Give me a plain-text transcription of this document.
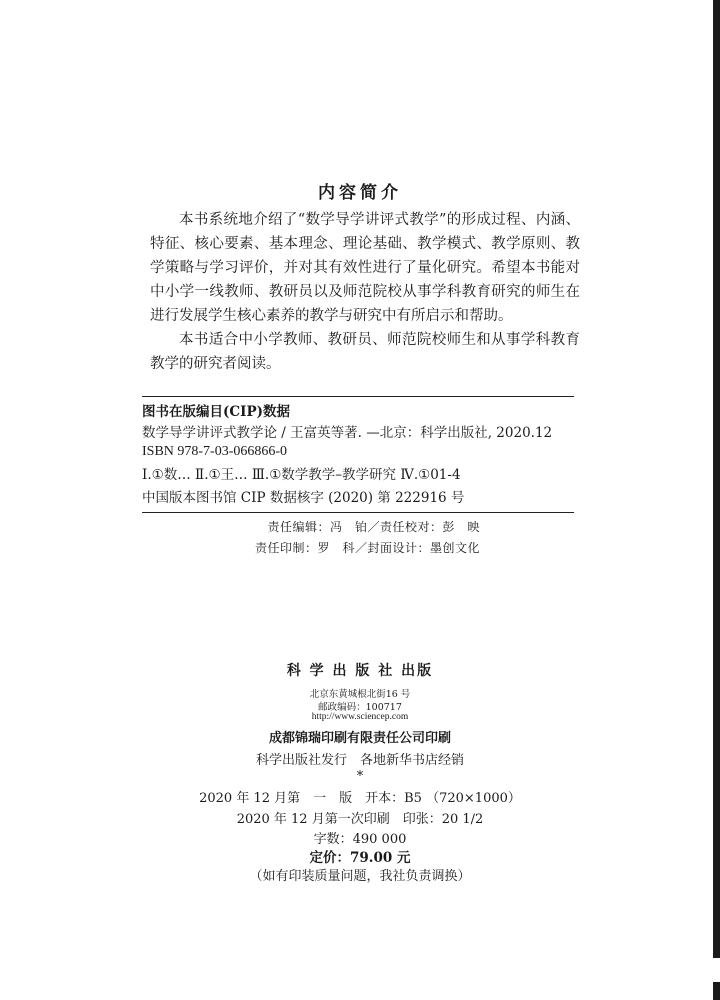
内容简介
本书系统地介绍了“数学导学讲评式教学”的形成过程、内涵、特征、核心要素、基本理念、理论基础、教学模式、教学原则、教学策略与学习评价，并对其有效性进行了量化研究。希望本书能对中小学一线教师、教研员以及师范院校从事学科教育研究的师生在进行发展学生核心素养的教学与研究中有所启示和帮助。
本书适合中小学教师、教研员、师范院校师生和从事学科教育教学的研究者阅读。
图书在版编目(CIP)数据
数学导学讲评式教学论 / 王富英等著. —北京：科学出版社, 2020.12
ISBN 978-7-03-066866-0
Ⅰ.①数… Ⅱ.①王… Ⅲ.①数学教学–教学研究 Ⅳ.①01-4
中国版本图书馆 CIP 数据核字 (2020) 第 222916 号
责任编辑：冯　铂／责任校对：彭　映
责任印制：罗　科／封面设计：墨创文化
科 学 出 版 社 出版
北京东黄城根北街16 号
邮政编码：100717
http://www.sciencep.com
成都锦瑞印刷有限责任公司印刷
科学出版社发行　各地新华书店经销
*
2020 年 12 月第　一　版　开本：B5 （720×1000）
2020 年 12 月第一次印刷　印张：20 1/2
字数：490 000
定价：79.00 元
（如有印装质量问题，我社负责调换）
